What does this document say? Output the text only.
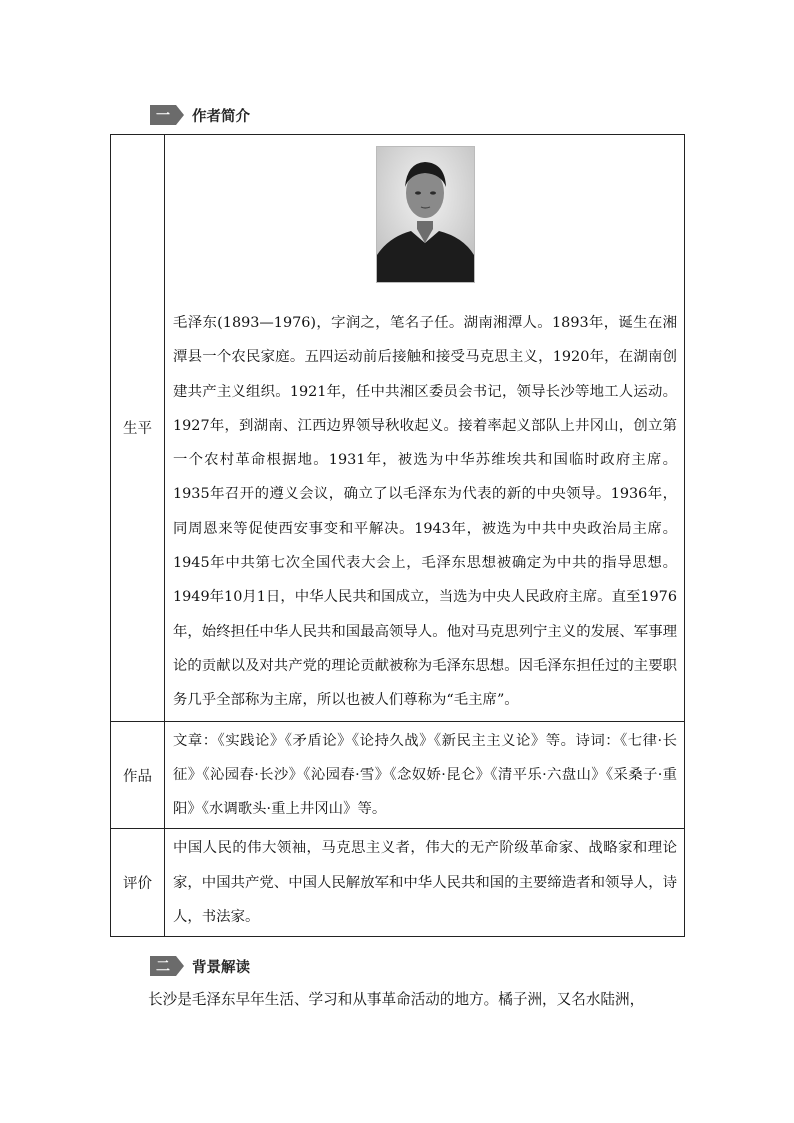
一	作者简介
生平	毛泽东(1893—1976)，字润之，笔名子任。湖南湘潭人。1893年，诞生在湘潭县一个农民家庭。五四运动前后接触和接受马克思主义，1920年，在湖南创建共产主义组织。1921年，任中共湘区委员会书记，领导长沙等地工人运动。1927年，到湖南、江西边界领导秋收起义。接着率起义部队上井冈山，创立第一个农村革命根据地。1931年，被选为中华苏维埃共和国临时政府主席。1935年召开的遵义会议，确立了以毛泽东为代表的新的中央领导。1936年，同周恩来等促使西安事变和平解决。1943年，被选为中共中央政治局主席。1945年中共第七次全国代表大会上，毛泽东思想被确定为中共的指导思想。1949年10月1日，中华人民共和国成立，当选为中央人民政府主席。直至1976年，始终担任中华人民共和国最高领导人。他对马克思列宁主义的发展、军事理论的贡献以及对共产党的理论贡献被称为毛泽东思想。因毛泽东担任过的主要职务几乎全部称为主席，所以也被人们尊称为“毛主席”。

作品	文章：《实践论》《矛盾论》《论持久战》《新民主主义论》等。诗词：《七律·长征》《沁园春·长沙》《沁园春·雪》《念奴娇·昆仑》《清平乐·六盘山》《采桑子·重阳》《水调歌头·重上井冈山》等。
评价	中国人民的伟大领袖，马克思主义者，伟大的无产阶级革命家、战略家和理论家，中国共产党、中国人民解放军和中华人民共和国的主要缔造者和领导人，诗人，书法家。
二	背景解读
长沙是毛泽东早年生活、学习和从事革命活动的地方。橘子洲，又名水陆洲，
